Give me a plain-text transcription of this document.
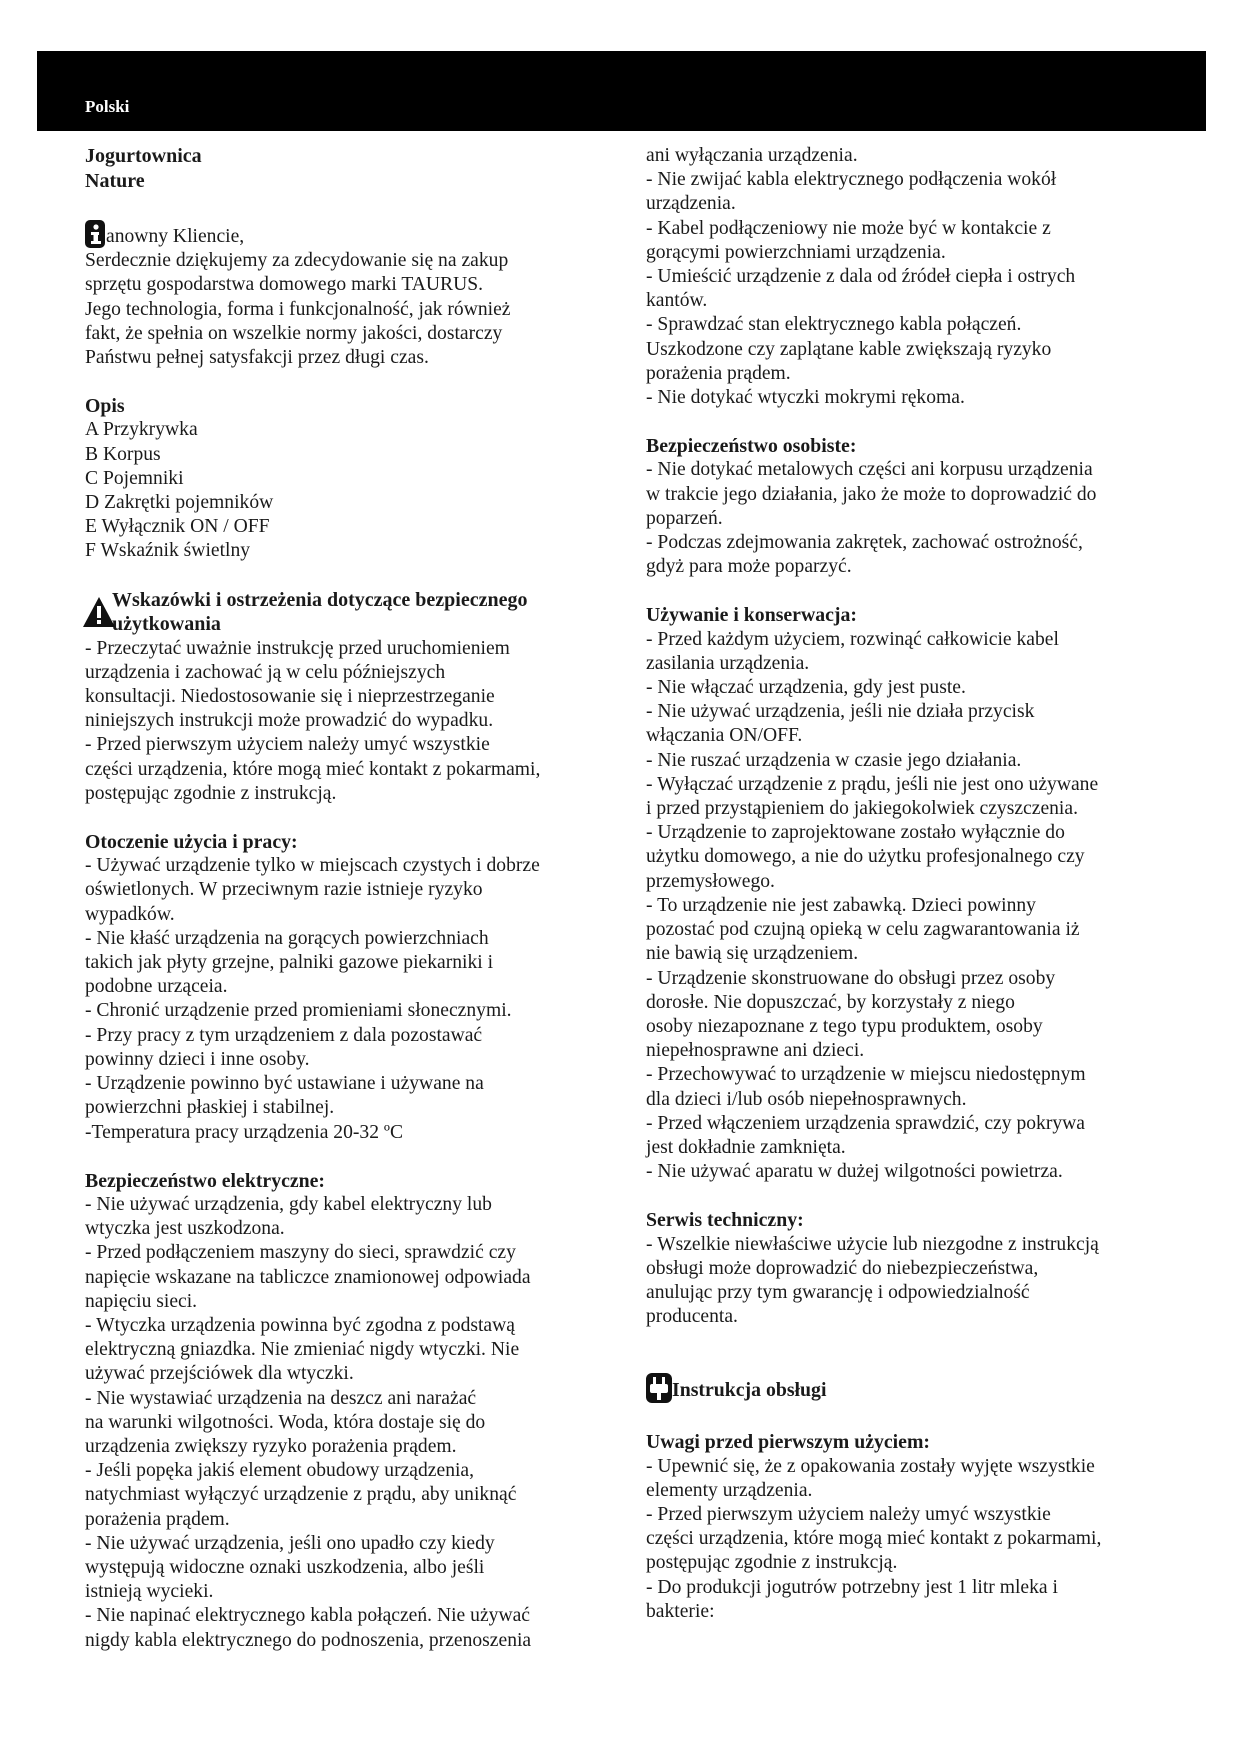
Polski
Jogurtownica
Nature

anowny Kliencie,

Serdecznie dziękujemy za zdecydowanie się na zakup

sprzętu gospodarstwa domowego marki TAURUS.

Jego technologia, forma i funkcjonalność, jak również

fakt, że spełnia on wszelkie normy jakości, dostarczy

Państwu pełnej satysfakcji przez długi czas.

Opis

A Przykrywka

B Korpus

C Pojemniki

D Zakrętki pojemników

E Wyłącznik ON / OFF

F Wskaźnik świetlny

Wskazówki i ostrzeżenia dotyczące bezpiecznego
użytkowania

- Przeczytać uważnie instrukcję przed uruchomieniem

urządzenia i zachować ją w celu późniejszych

konsultacji. Niedostosowanie się i nieprzestrzeganie

niniejszych instrukcji może prowadzić do wypadku.

- Przed pierwszym użyciem należy umyć wszystkie

części urządzenia, które mogą mieć kontakt z pokarmami,

postępując zgodnie z instrukcją.

Otoczenie użycia i pracy:

- Używać urządzenie tylko w miejscach czystych i dobrze

oświetlonych. W przeciwnym razie istnieje ryzyko

wypadków.

- Nie kłaść urządzenia na gorących powierzchniach

takich jak płyty grzejne, palniki gazowe piekarniki i

podobne urząceia.

- Chronić urządzenie przed promieniami słonecznymi.

- Przy pracy z tym urządzeniem z dala pozostawać

powinny dzieci i inne osoby.

- Urządzenie powinno być ustawiane i używane na

powierzchni płaskiej i stabilnej.

-Temperatura pracy urządzenia 20-32 ºC

Bezpieczeństwo elektryczne:

- Nie używać urządzenia, gdy kabel elektryczny lub

wtyczka jest uszkodzona.

- Przed podłączeniem maszyny do sieci, sprawdzić czy

napięcie wskazane na tabliczce znamionowej odpowiada

napięciu sieci.

- Wtyczka urządzenia powinna być zgodna z podstawą

elektryczną gniazdka. Nie zmieniać nigdy wtyczki. Nie

używać przejściówek dla wtyczki.

- Nie wystawiać urządzenia na deszcz ani narażać

na warunki wilgotności. Woda, która dostaje się do

urządzenia zwiększy ryzyko porażenia prądem.

- Jeśli popęka jakiś element obudowy urządzenia,

natychmiast wyłączyć urządzenie z prądu, aby uniknąć

porażenia prądem.

- Nie używać urządzenia, jeśli ono upadło czy kiedy

występują widoczne oznaki uszkodzenia, albo jeśli

istnieją wycieki.

- Nie napinać elektrycznego kabla połączeń. Nie używać

nigdy kabla elektrycznego do podnoszenia, przenoszenia

ani wyłączania urządzenia.

- Nie zwijać kabla elektrycznego podłączenia wokół

urządzenia.

- Kabel podłączeniowy nie może być w kontakcie z

gorącymi powierzchniami urządzenia.

- Umieścić urządzenie z dala od źródeł ciepła i ostrych

kantów.

- Sprawdzać stan elektrycznego kabla połączeń.

Uszkodzone czy zaplątane kable zwiększają ryzyko

porażenia prądem.

- Nie dotykać wtyczki mokrymi rękoma.

Bezpieczeństwo osobiste:

- Nie dotykać metalowych części ani korpusu urządzenia

w trakcie jego działania, jako że może to doprowadzić do

poparzeń.

- Podczas zdejmowania zakrętek, zachować ostrożność,

gdyż para może poparzyć.

Używanie i konserwacja:

- Przed każdym użyciem, rozwinąć całkowicie kabel

zasilania urządzenia.

- Nie włączać urządzenia, gdy jest puste.

- Nie używać urządzenia, jeśli nie działa przycisk

włączania ON/OFF.

- Nie ruszać urządzenia w czasie jego działania.

- Wyłączać urządzenie z prądu, jeśli nie jest ono używane

i przed przystąpieniem do jakiegokolwiek czyszczenia.

- Urządzenie to zaprojektowane zostało wyłącznie do

użytku domowego, a nie do użytku profesjonalnego czy

przemysłowego.

- To urządzenie nie jest zabawką. Dzieci powinny

pozostać pod czujną opieką w celu zagwarantowania iż

nie bawią się urządzeniem.

- Urządzenie skonstruowane do obsługi przez osoby

dorosłe. Nie dopuszczać, by korzystały z niego

osoby niezapoznane z tego typu produktem, osoby

niepełnosprawne ani dzieci.

- Przechowywać to urządzenie w miejscu niedostępnym

dla dzieci i/lub osób niepełnosprawnych.

- Przed włączeniem urządzenia sprawdzić, czy pokrywa

jest dokładnie zamknięta.

- Nie używać aparatu w dużej wilgotności powietrza.

Serwis techniczny:

- Wszelkie niewłaściwe użycie lub niezgodne z instrukcją

obsługi może doprowadzić do niebezpieczeństwa,

anulując przy tym gwarancję i odpowiedzialność

producenta.

Instrukcja obsługi

Uwagi przed pierwszym użyciem:

- Upewnić się, że z opakowania zostały wyjęte wszystkie

elementy urządzenia.

- Przed pierwszym użyciem należy umyć wszystkie

części urządzenia, które mogą mieć kontakt z pokarmami,

postępując zgodnie z instrukcją.

- Do produkcji jogutrów potrzebny jest 1 litr mleka i

bakterie:
